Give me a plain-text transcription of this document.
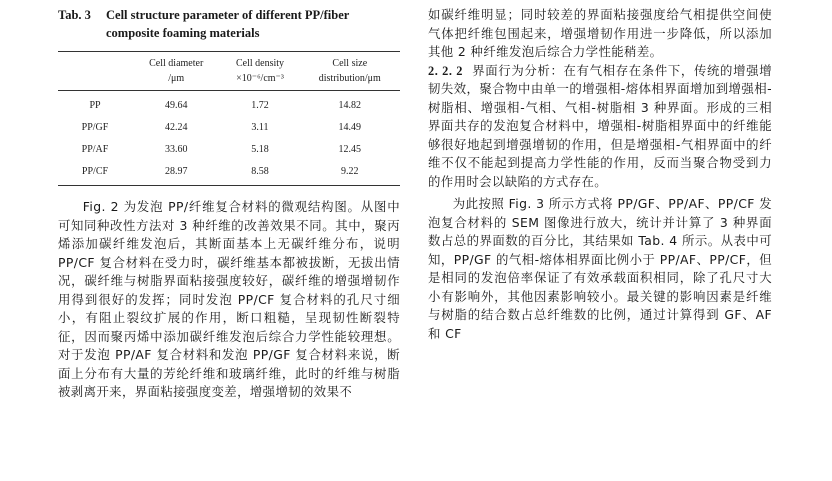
Tab. 3	Cell structure parameter of different PP/fiber composite foaming materials
	Cell diameter	Cell density	Cell size
	/μm	×10⁻⁶/cm⁻³	distribution/μm
PP	49.64	1.72	14.82
PP/GF	42.24	3.11	14.49
PP/AF	33.60	5.18	12.45
PP/CF	28.97	8.58	9.22

Fig. 2 为发泡 PP/纤维复合材料的微观结构图。从图中可知同种改性方法对 3 种纤维的改善效果不同。其中，聚丙烯添加碳纤维发泡后，其断面基本上无碳纤维分布，说明 PP/CF 复合材料在受力时，碳纤维基本都被拔断，无拔出情况，碳纤维与树脂界面粘接强度较好，碳纤维的增强增韧作用得到很好的发挥；同时发泡 PP/CF 复合材料的孔尺寸细小，有阻止裂纹扩展的作用，断口粗糙，呈现韧性断裂特征，因而聚丙烯中添加碳纤维发泡后综合力学性能较理想。对于发泡 PP/AF 复合材料和发泡 PP/GF 复合材料来说，断面上分布有大量的芳纶纤维和玻璃纤维，此时的纤维与树脂被剥离开来，界面粘接强度变差，增强增韧的效果不

如碳纤维明显；同时较差的界面粘接强度给气相提供空间使气体把纤维包围起来，增强增韧作用进一步降低，所以添加其他 2 种纤维发泡后综合力学性能稍差。

2. 2. 2 界面行为分析：在有气相存在条件下，传统的增强增韧失效，聚合物中由单一的增强相-熔体相界面增加到增强相-树脂相、增强相-气相、气相-树脂相 3 种界面。形成的三相界面共存的发泡复合材料中，增强相-树脂相界面中的纤维能够很好地起到增强增韧的作用，但是增强相-气相界面中的纤维不仅不能起到提高力学性能的作用，反而当聚合物受到力的作用时会以缺陷的方式存在。

为此按照 Fig. 3 所示方式将 PP/GF、PP/AF、PP/CF 发泡复合材料的 SEM 图像进行放大，统计并计算了 3 种界面数占总的界面数的百分比，其结果如 Tab. 4 所示。从表中可知，PP/GF 的气相-熔体相界面比例小于 PP/AF、PP/CF，但是相同的发泡倍率保证了有效承载面积相同，除了孔尺寸大小有影响外，其他因素影响较小。最关键的影响因素是纤维与树脂的结合数占总纤维数的比例，通过计算得到 GF、AF 和 CF
